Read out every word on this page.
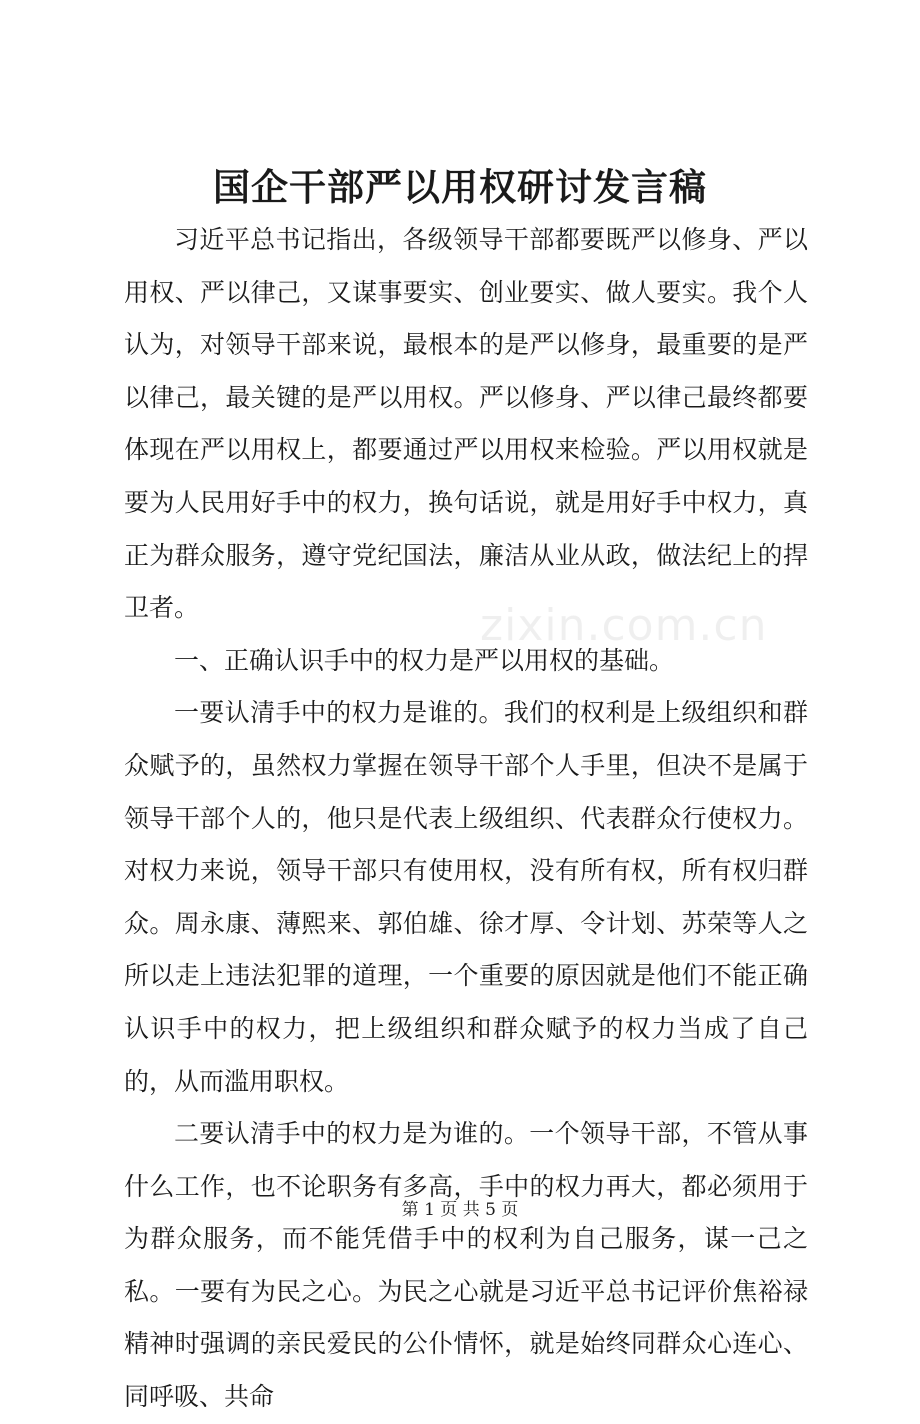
国企干部严以用权研讨发言稿

习近平总书记指出，各级领导干部都要既严以修身、严以用权、严以律己，又谋事要实、创业要实、做人要实。我个人认为，对领导干部来说，最根本的是严以修身，最重要的是严以律己，最关键的是严以用权。严以修身、严以律己最终都要体现在严以用权上，都要通过严以用权来检验。严以用权就是要为人民用好手中的权力，换句话说，就是用好手中权力，真正为群众服务，遵守党纪国法，廉洁从业从政，做法纪上的捍卫者。

一、正确认识手中的权力是严以用权的基础。

一要认清手中的权力是谁的。我们的权利是上级组织和群众赋予的，虽然权力掌握在领导干部个人手里，但决不是属于领导干部个人的，他只是代表上级组织、代表群众行使权力。对权力来说，领导干部只有使用权，没有所有权，所有权归群众。周永康、薄熙来、郭伯雄、徐才厚、令计划、苏荣等人之所以走上违法犯罪的道理，一个重要的原因就是他们不能正确认识手中的权力，把上级组织和群众赋予的权力当成了自己的，从而滥用职权。

二要认清手中的权力是为谁的。一个领导干部，不管从事什么工作，也不论职务有多高，手中的权力再大，都必须用于为群众服务，而不能凭借手中的权利为自己服务，谋一己之私。一要有为民之心。为民之心就是习近平总书记评价焦裕禄精神时强调的亲民爱民的公仆情怀，就是始终同群众心连心、同呼吸、共命

zixin.com.cn
第 1 页 共 5 页
